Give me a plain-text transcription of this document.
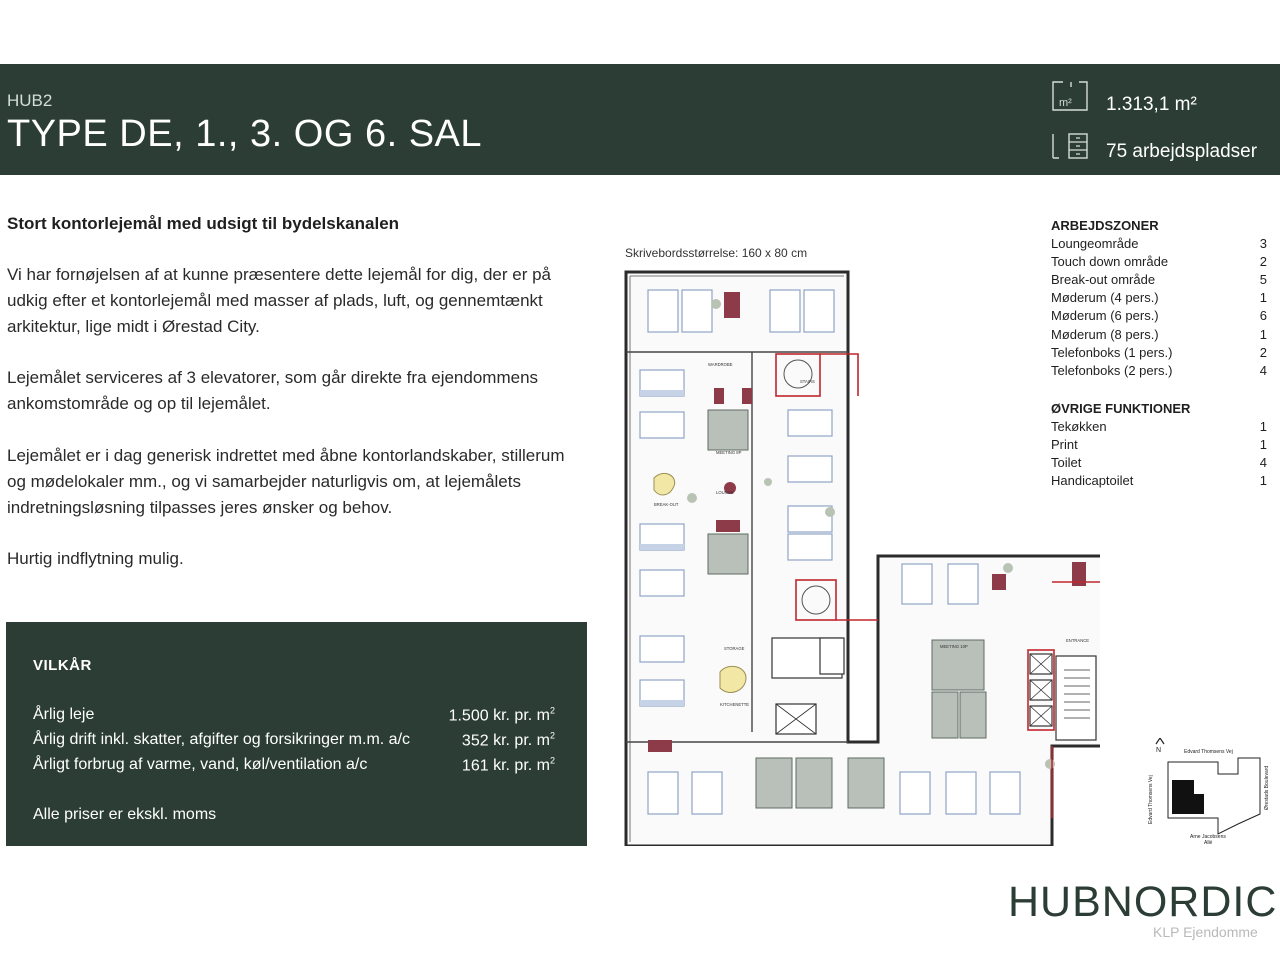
HUB2
TYPE DE, 1., 3. OG 6. SAL
m² 1.313,1 m²
75 arbejdspladser
Stort kontorlejemål med udsigt til bydelskanalen
Vi har fornøjelsen af at kunne præsentere dette lejemål for dig, der er på udkig efter et kontorlejemål med masser af plads, luft, og gennemtænkt arkitektur, lige midt i Ørestad City.
Lejemålet serviceres af 3 elevatorer, som går direkte fra ejendommens ankomstområde og op til lejemålet.
Lejemålet er i dag generisk indrettet med åbne kontorlandskaber, stillerum og mødelokaler mm., og vi samarbejder naturligvis om, at lejemålets indretningsløsning tilpasses jeres ønsker og behov.
Hurtig indflytning mulig.
VILKÅR
Årlig leje	1.500 kr. pr. $m^2$
Årlig drift inkl. skatter, afgifter og forsikringer m.m. a/c	352 kr. pr. $m^2$
Årligt forbrug af varme, vand, køl/ventilation a/c	161 kr. pr. $m^2$
Alle priser er ekskl. moms
Skrivebordsstørrelse: 160 x 80 cm
WARDROBE
STAIRS
MEETING 8P
LOUNGE
BREAK-OUT
STORAGE
KITCHENETTE
ENTRANCE
MEETING 10P
N	Edvard Thomsens Vej
Edvard Thomsens Vej	Ørestads Boulevard
Arne Jacobsens
Allé
ARBEJDSZONER
Loungeområde	3
Touch down område	2
Break-out område	5
Møderum (4 pers.)	1
Møderum (6 pers.)	6
Møderum (8 pers.)	1
Telefonboks (1 pers.)	2
Telefonboks (2 pers.)	4
ØVRIGE FUNKTIONER
Tekøkken	1
Print	1
Toilet	4
Handicaptoilet	1
HUBNORDIC
KLP Ejendomme
